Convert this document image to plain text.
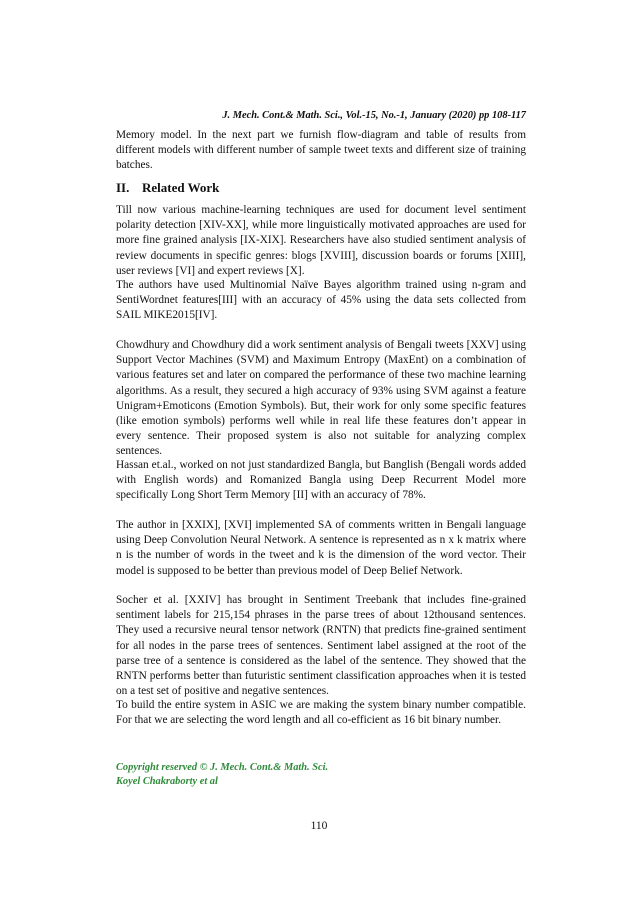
J. Mech. Cont.& Math. Sci., Vol.-15, No.-1, January (2020) pp 108-117

Memory model. In the next part we furnish flow-diagram and table of results from different models with different number of sample tweet texts and different size of training batches.

II. Related Work

Till now various machine-learning techniques are used for document level sentiment polarity detection [XIV-XX], while more linguistically motivated approaches are used for more fine grained analysis [IX-XIX]. Researchers have also studied sentiment analysis of review documents in specific genres: blogs [XVIII], discussion boards or forums [XIII], user reviews [VI] and expert reviews [X].

The authors have used Multinomial Naïve Bayes algorithm trained using n-gram and SentiWordnet features[III] with an accuracy of 45% using the data sets collected from SAIL MIKE2015[IV].

Chowdhury and Chowdhury did a work sentiment analysis of Bengali tweets [XXV] using Support Vector Machines (SVM) and Maximum Entropy (MaxEnt) on a combination of various features set and later on compared the performance of these two machine learning algorithms. As a result, they secured a high accuracy of 93% using SVM against a feature Unigram+Emoticons (Emotion Symbols). But, their work for only some specific features (like emotion symbols) performs well while in real life these features don’t appear in every sentence. Their proposed system is also not suitable for analyzing complex sentences.

Hassan et.al., worked on not just standardized Bangla, but Banglish (Bengali words added with English words) and Romanized Bangla using Deep Recurrent Model more specifically Long Short Term Memory [II] with an accuracy of 78%.

The author in [XXIX], [XVI] implemented SA of comments written in Bengali language using Deep Convolution Neural Network. A sentence is represented as n x k matrix where n is the number of words in the tweet and k is the dimension of the word vector. Their model is supposed to be better than previous model of Deep Belief Network.

Socher et al. [XXIV] has brought in Sentiment Treebank that includes fine-grained sentiment labels for 215,154 phrases in the parse trees of about 12thousand sentences. They used a recursive neural tensor network (RNTN) that predicts fine-grained sentiment for all nodes in the parse trees of sentences. Sentiment label assigned at the root of the parse tree of a sentence is considered as the label of the sentence. They showed that the RNTN performs better than futuristic sentiment classification approaches when it is tested on a test set of positive and negative sentences.

To build the entire system in ASIC we are making the system binary number compatible. For that we are selecting the word length and all co-efficient as 16 bit binary number.

Copyright reserved © J. Mech. Cont.& Math. Sci.
Koyel Chakraborty et al
110
